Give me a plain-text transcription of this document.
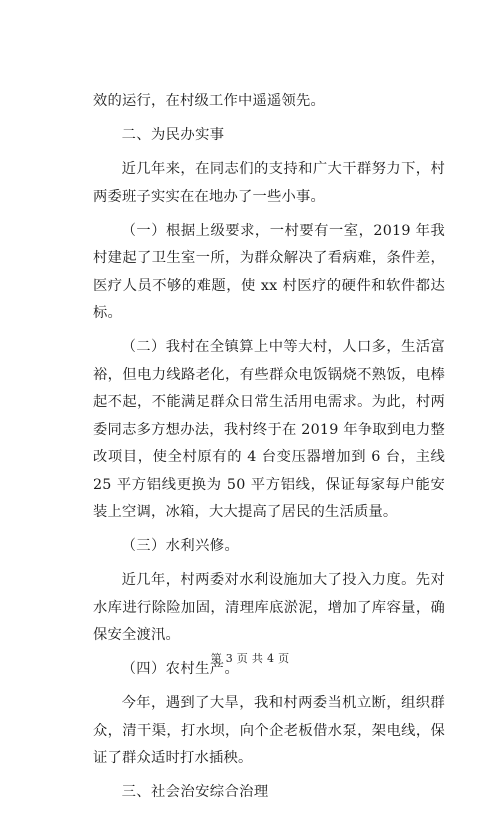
效的运行，在村级工作中遥遥领先。

二、为民办实事

近几年来，在同志们的支持和广大干群努力下，村两委班子实实在在地办了一些小事。

（一）根据上级要求，一村要有一室，2019 年我村建起了卫生室一所，为群众解决了看病难，条件差，医疗人员不够的难题，使 xx 村医疗的硬件和软件都达标。

（二）我村在全镇算上中等大村，人口多，生活富裕，但电力线路老化，有些群众电饭锅烧不熟饭，电棒起不起，不能满足群众日常生活用电需求。为此，村两委同志多方想办法，我村终于在 2019 年争取到电力整改项目，使全村原有的 4 台变压器增加到 6 台，主线 25 平方铝线更换为 50 平方铝线，保证每家每户能安装上空调，冰箱，大大提高了居民的生活质量。

（三）水利兴修。

近几年，村两委对水利设施加大了投入力度。先对水库进行除险加固，清理库底淤泥，增加了库容量，确保安全渡汛。

（四）农村生产。

今年，遇到了大旱，我和村两委当机立断，组织群众，清干渠，打水坝，向个企老板借水泵，架电线，保证了群众适时打水插秧。

三、社会治安综合治理

第 3 页 共 4 页
